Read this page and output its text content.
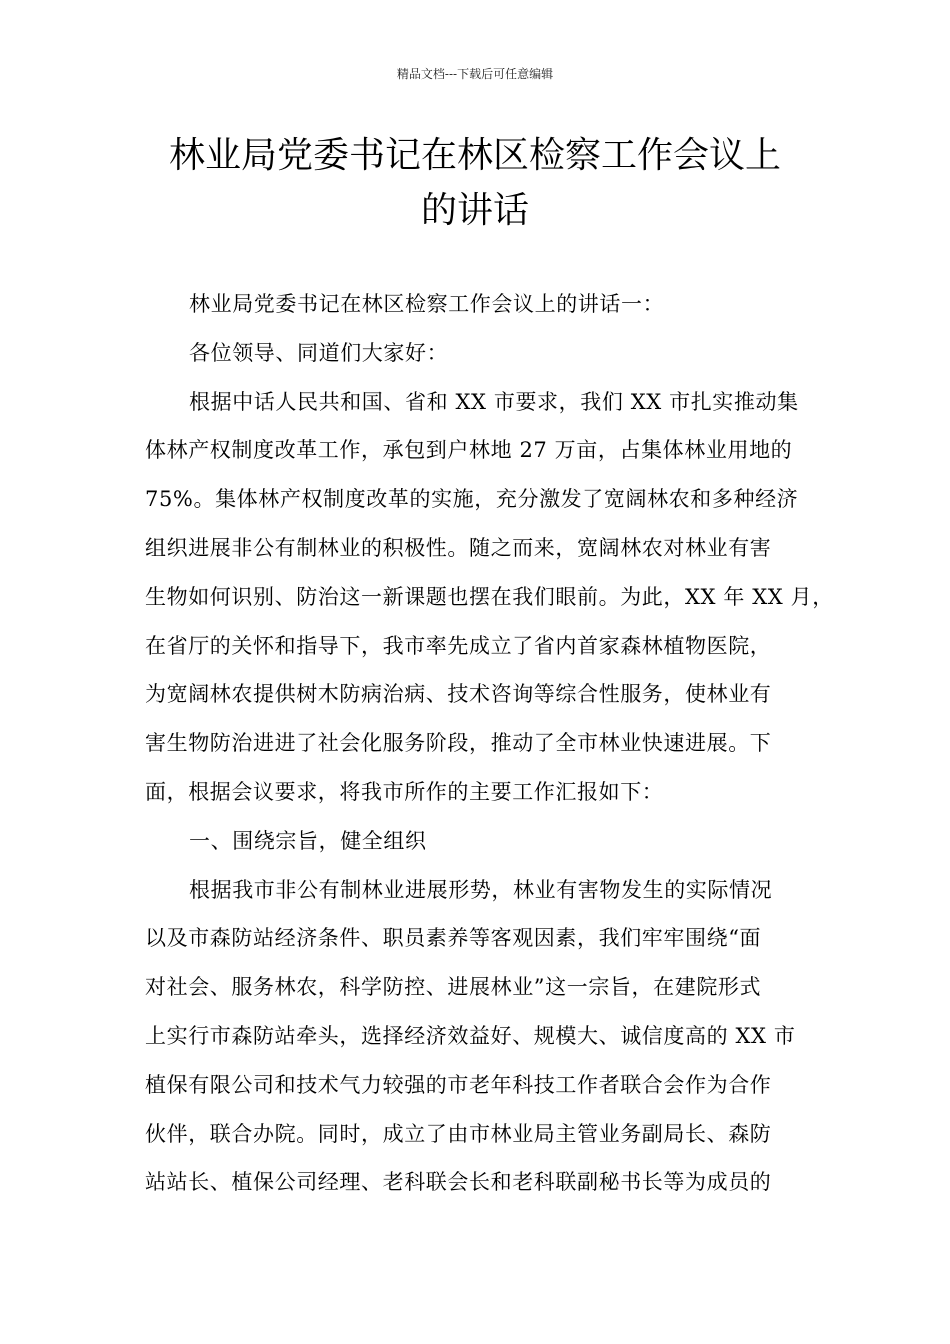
精品文档---下载后可任意编辑
林业局党委书记在林区检察工作会议上
的讲话

林业局党委书记在林区检察工作会议上的讲话一：

各位领导、同道们大家好：

根据中话人民共和国、省和 XX 市要求，我们 XX 市扎实推动集
体林产权制度改革工作，承包到户林地 27 万亩，占集体林业用地的
75%。集体林产权制度改革的实施，充分激发了宽阔林农和多种经济
组织进展非公有制林业的积极性。随之而来，宽阔林农对林业有害
生物如何识别、防治这一新课题也摆在我们眼前。为此，XX 年 XX 月，
在省厅的关怀和指导下，我市率先成立了省内首家森林植物医院，
为宽阔林农提供树木防病治病、技术咨询等综合性服务，使林业有
害生物防治进进了社会化服务阶段，推动了全市林业快速进展。下
面，根据会议要求，将我市所作的主要工作汇报如下：

一、围绕宗旨，健全组织

根据我市非公有制林业进展形势，林业有害物发生的实际情况
以及市森防站经济条件、职员素养等客观因素，我们牢牢围绕“面
对社会、服务林农，科学防控、进展林业”这一宗旨，在建院形式
上实行市森防站牵头，选择经济效益好、规模大、诚信度高的 XX 市
植保有限公司和技术气力较强的市老年科技工作者联合会作为合作
伙伴，联合办院。同时，成立了由市林业局主管业务副局长、森防
站站长、植保公司经理、老科联会长和老科联副秘书长等为成员的
